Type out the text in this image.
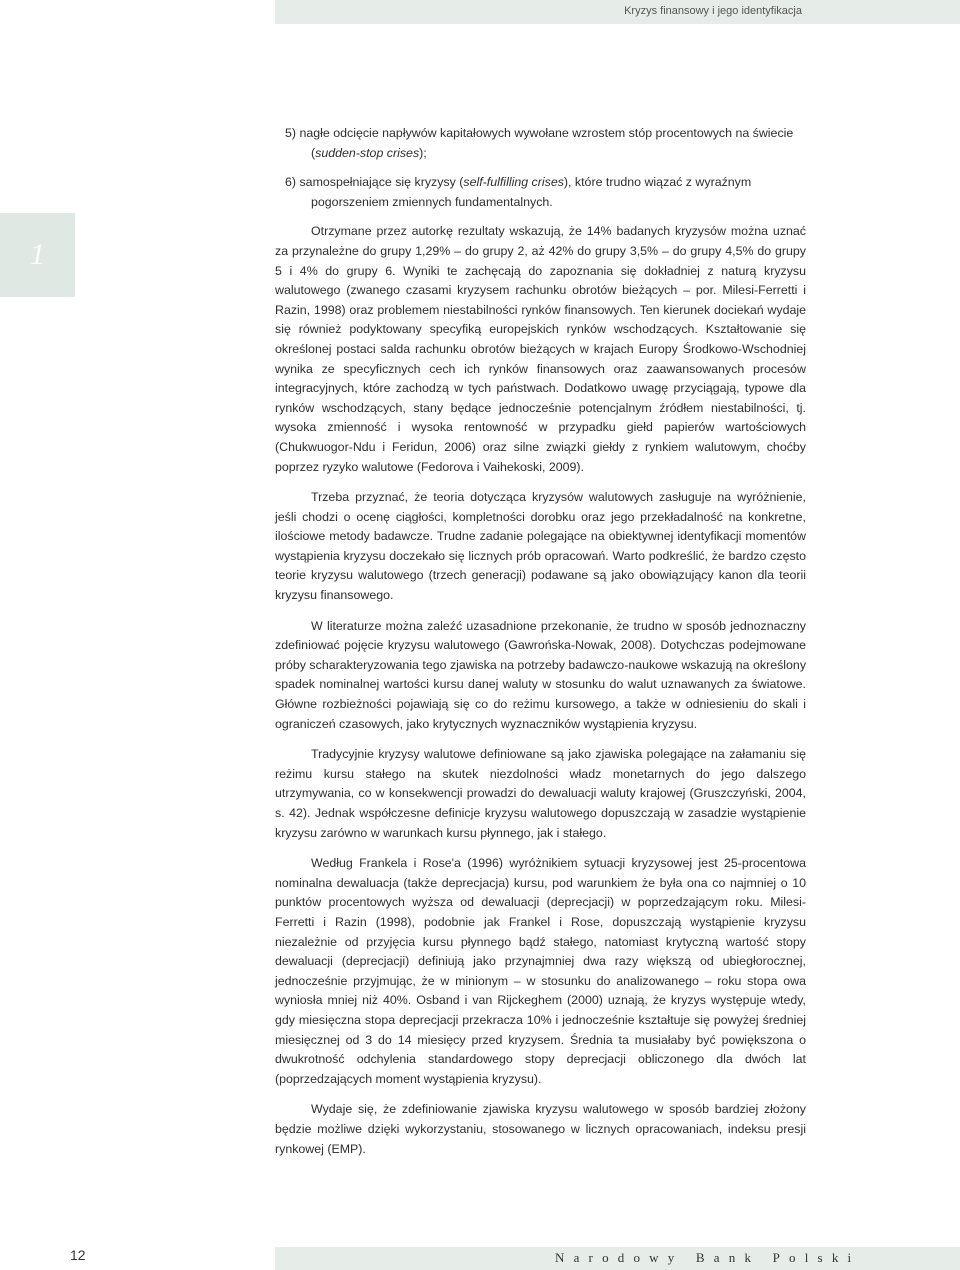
Kryzys finansowy i jego identyfikacja
1
5) nagłe odcięcie napływów kapitałowych wywołane wzrostem stóp procentowych na świecie (sudden-stop crises);
6) samospełniające się kryzysy (self-fulfilling crises), które trudno wiązać z wyraźnym pogorszeniem zmiennych fundamentalnych.

Otrzymane przez autorkę rezultaty wskazują, że 14% badanych kryzysów można uznać za przynależne do grupy 1,29% – do grupy 2, aż 42% do grupy 3,5% – do grupy 4,5% do grupy 5 i 4% do grupy 6. Wyniki te zachęcają do zapoznania się dokładniej z naturą kryzysu walutowego (zwanego czasami kryzysem rachunku obrotów bieżących – por. Milesi-Ferretti i Razin, 1998) oraz problemem niestabilności rynków finansowych. Ten kierunek dociekań wydaje się również podyktowany specyfiką europejskich rynków wschodzących. Kształtowanie się określonej postaci salda rachunku obrotów bieżących w krajach Europy Środkowo-Wschodniej wynika ze specyficznych cech ich rynków finansowych oraz zaawansowanych procesów integracyjnych, które zachodzą w tych państwach. Dodatkowo uwagę przyciągają, typowe dla rynków wschodzących, stany będące jednocześnie potencjalnym źródłem niestabilności, tj. wysoka zmienność i wysoka rentowność w przypadku giełd papierów wartościowych (Chukwuogor-Ndu i Feridun, 2006) oraz silne związki giełdy z rynkiem walutowym, choćby poprzez ryzyko walutowe (Fedorova i Vaihekoski, 2009).

Trzeba przyznać, że teoria dotycząca kryzysów walutowych zasługuje na wyróżnienie, jeśli chodzi o ocenę ciągłości, kompletności dorobku oraz jego przekładalność na konkretne, ilościowe metody badawcze. Trudne zadanie polegające na obiektywnej identyfikacji momentów wystąpienia kryzysu doczekało się licznych prób opracowań. Warto podkreślić, że bardzo często teorie kryzysu walutowego (trzech generacji) podawane są jako obowiązujący kanon dla teorii kryzysu finansowego.

W literaturze można zaleźć uzasadnione przekonanie, że trudno w sposób jednoznaczny zdefiniować pojęcie kryzysu walutowego (Gawrońska-Nowak, 2008). Dotychczas podejmowane próby scharakteryzowania tego zjawiska na potrzeby badawczo-naukowe wskazują na określony spadek nominalnej wartości kursu danej waluty w stosunku do walut uznawanych za światowe. Główne rozbieżności pojawiają się co do reżimu kursowego, a także w odniesieniu do skali i ograniczeń czasowych, jako krytycznych wyznaczników wystąpienia kryzysu.

Tradycyjnie kryzysy walutowe definiowane są jako zjawiska polegające na załamaniu się reżimu kursu stałego na skutek niezdolności władz monetarnych do jego dalszego utrzymywania, co w konsekwencji prowadzi do dewaluacji waluty krajowej (Gruszczyński, 2004, s. 42). Jednak współczesne definicje kryzysu walutowego dopuszczają w zasadzie wystąpienie kryzysu zarówno w warunkach kursu płynnego, jak i stałego.

Według Frankela i Rose'a (1996) wyróżnikiem sytuacji kryzysowej jest 25-procentowa nominalna dewaluacja (także deprecjacja) kursu, pod warunkiem że była ona co najmniej o 10 punktów procentowych wyższa od dewaluacji (deprecjacji) w poprzedzającym roku. Milesi-Ferretti i Razin (1998), podobnie jak Frankel i Rose, dopuszczają wystąpienie kryzysu niezależnie od przyjęcia kursu płynnego bądź stałego, natomiast krytyczną wartość stopy dewaluacji (deprecjacji) definiują jako przynajmniej dwa razy większą od ubiegłorocznej, jednocześnie przyjmując, że w minionym – w stosunku do analizowanego – roku stopa owa wyniosła mniej niż 40%. Osband i van Rijckeghem (2000) uznają, że kryzys występuje wtedy, gdy miesięczna stopa deprecjacji przekracza 10% i jednocześnie kształtuje się powyżej średniej miesięcznej od 3 do 14 miesięcy przed kryzysem. Średnia ta musiałaby być powiększona o dwukrotność odchylenia standardowego stopy deprecjacji obliczonego dla dwóch lat (poprzedzających moment wystąpienia kryzysu).

Wydaje się, że zdefiniowanie zjawiska kryzysu walutowego w sposób bardziej złożony będzie możliwe dzięki wykorzystaniu, stosowanego w licznych opracowaniach, indeksu presji rynkowej (EMP).

12	Narodowy Bank Polski
